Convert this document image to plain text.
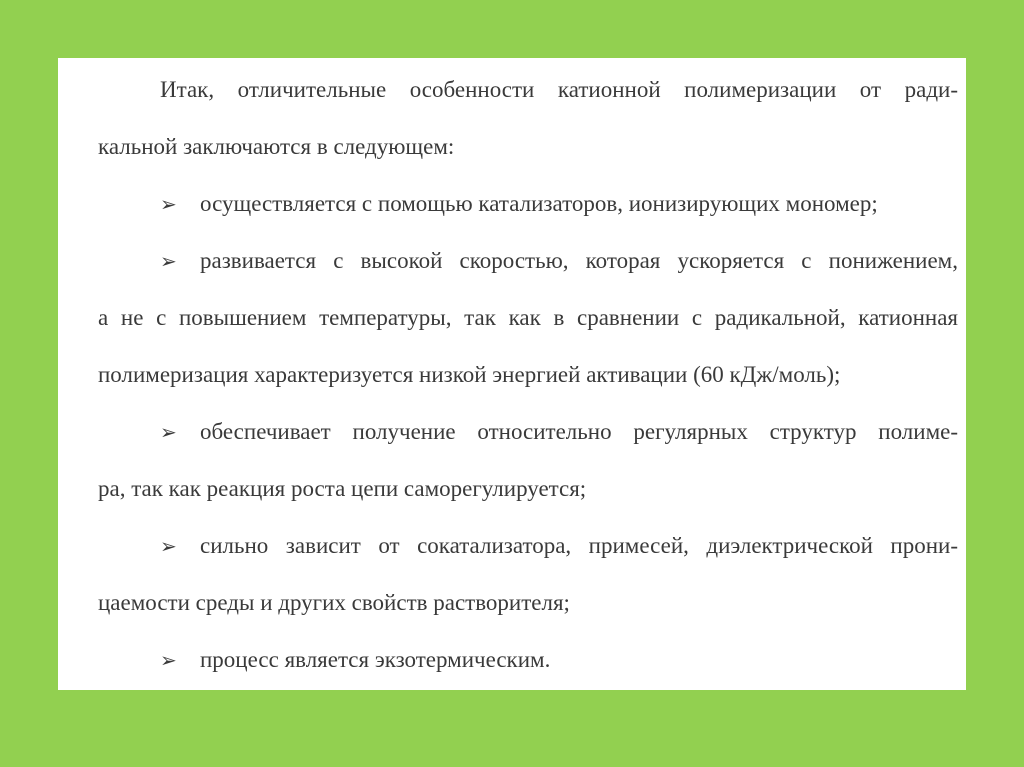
Итак, отличительные особенности катионной полимеризации от ради-
кальной заключаются в следующем:
➢ осуществляется с помощью катализаторов, ионизирующих мономер;
➢	развивается с высокой скоростью, которая ускоряется с понижением,
а не с повышением температуры, так как в сравнении с радикальной, катионная
полимеризация характеризуется низкой энергией активации (60 кДж/моль);
➢	обеспечивает получение относительно регулярных структур полиме-
ра, так как реакция роста цепи саморегулируется;
➢	сильно зависит от сокатализатора, примесей, диэлектрической прони-
цаемости среды и других свойств растворителя;
➢ процесс является экзотермическим.
